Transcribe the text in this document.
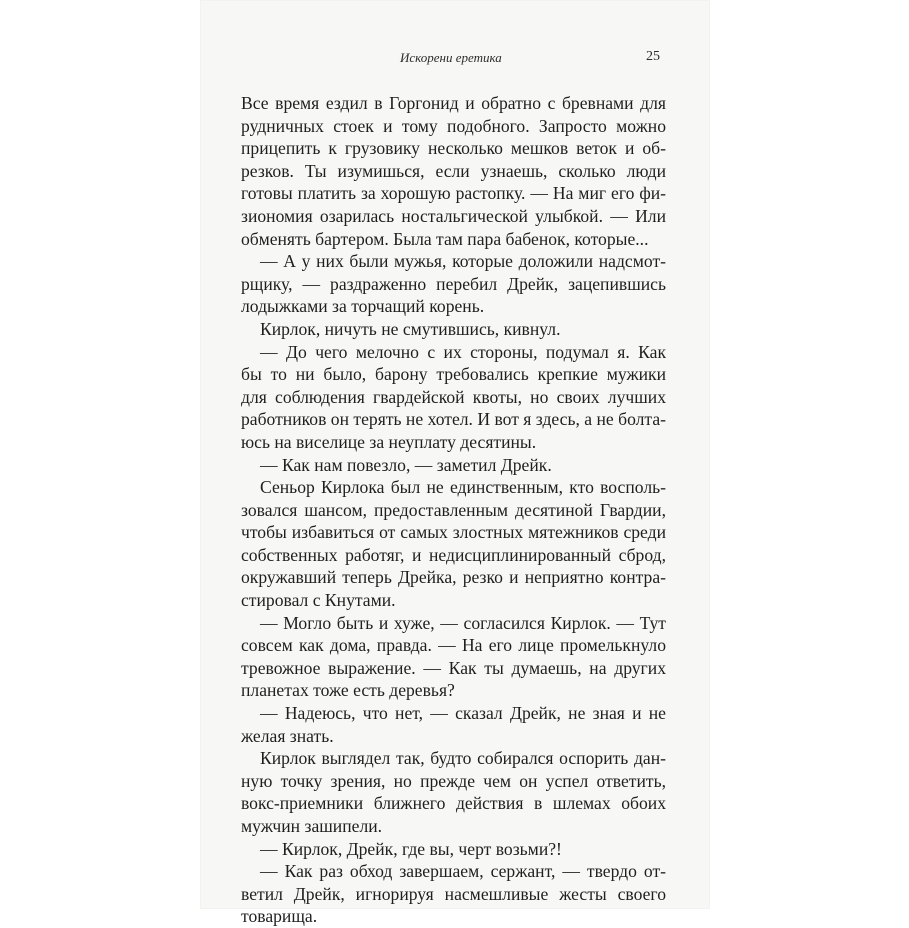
Искорени еретика	25
Все время ездил в Горгонид и обратно с бревнами для
рудничных стоек и тому подобного. Запросто можно
прицепить к грузовику несколько мешков веток и об-
резков. Ты изумишься, если узнаешь, сколько люди
готовы платить за хорошую растопку. — На миг его фи-
зиономия озарилась ностальгической улыбкой. — Или
обменять бартером. Была там пара бабенок, которые...
— А у них были мужья, которые доложили надсмот-
рщику, — раздраженно перебил Дрейк, зацепившись
лодыжками за торчащий корень.
Кирлок, ничуть не смутившись, кивнул.
— До чего мелочно с их стороны, подумал я. Как
бы то ни было, барону требовались крепкие мужики
для соблюдения гвардейской квоты, но своих лучших
работников он терять не хотел. И вот я здесь, а не болта-
юсь на виселице за неуплату десятины.
— Как нам повезло, — заметил Дрейк.
Сеньор Кирлока был не единственным, кто восполь-
зовался шансом, предоставленным десятиной Гвардии,
чтобы избавиться от самых злостных мятежников среди
собственных работяг, и недисциплинированный сброд,
окружавший теперь Дрейка, резко и неприятно контра-
стировал с Кнутами.
— Могло быть и хуже, — согласился Кирлок. — Тут
совсем как дома, правда. — На его лице промелькнуло
тревожное выражение. — Как ты думаешь, на других
планетах тоже есть деревья?
— Надеюсь, что нет, — сказал Дрейк, не зная и не
желая знать.
Кирлок выглядел так, будто собирался оспорить дан-
ную точку зрения, но прежде чем он успел ответить,
вокс-приемники ближнего действия в шлемах обоих
мужчин зашипели.
— Кирлок, Дрейк, где вы, черт возьми?!
— Как раз обход завершаем, сержант, — твердо от-
ветил Дрейк, игнорируя насмешливые жесты своего
товарища.
